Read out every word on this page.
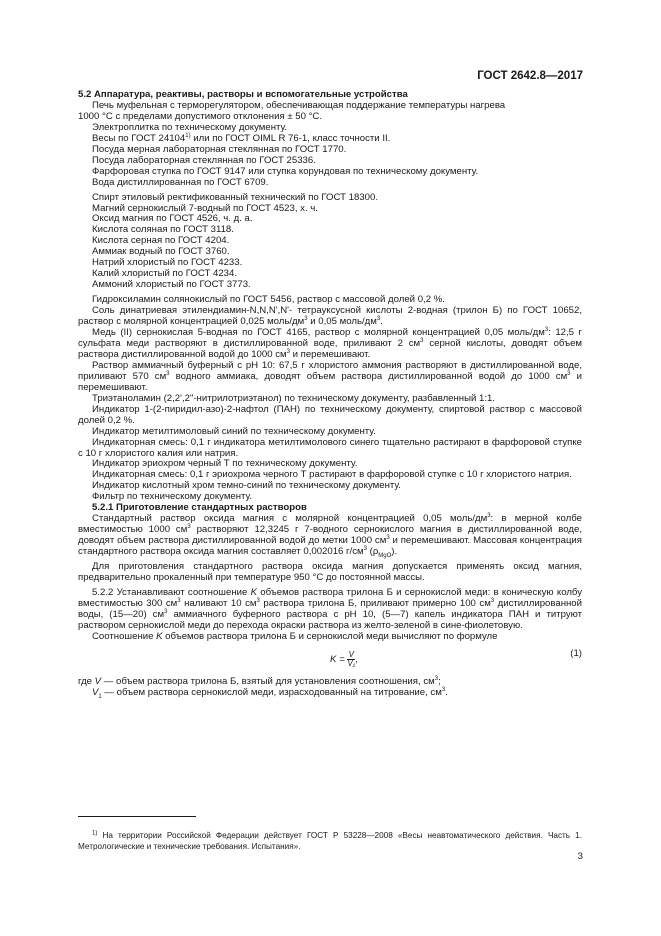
ГОСТ 2642.8—2017

5.2 Аппаратура, реактивы, растворы и вспомогательные устройства

Печь муфельная с терморегулятором, обеспечивающая поддержание температуры нагрева

1000 °С с пределами допустимого отклонения ± 50 °С.

Электроплитка по техническому документу.

Весы по ГОСТ 24104$^{1)}$ или по ГОСТ OIML R 76-1, класс точности II.

Посуда мерная лабораторная стеклянная по ГОСТ 1770.

Посуда лабораторная стеклянная по ГОСТ 25336.

Фарфоровая ступка по ГОСТ 9147 или ступка корундовая по техническому документу.

Вода дистиллированная по ГОСТ 6709.

Спирт этиловый ректификованный технический по ГОСТ 18300.

Магний сернокислый 7-водный по ГОСТ 4523, х. ч.

Оксид магния по ГОСТ 4526, ч. д. а.

Кислота соляная по ГОСТ 3118.

Кислота серная по ГОСТ 4204.

Аммиак водный по ГОСТ 3760.

Натрий хлористый по ГОСТ 4233.

Калий хлористый по ГОСТ 4234.

Аммоний хлористый по ГОСТ 3773.

Гидроксиламин солянокислый по ГОСТ 5456, раствор с массовой долей 0,2 %.

Соль динатриевая этилендиамин-N,N,N',N'- тетрауксусной кислоты 2-водная (трилон Б) по ГОСТ 10652, раствор с молярной концентрацией 0,025 моль/$дм^3$ и 0,05 моль/$дм^3$.

Медь (II) сернокислая 5-водная по ГОСТ 4165, раствор с молярной концентрацией 0,05 моль/$дм^3$: 12,5 г сульфата меди растворяют в дистиллированной воде, приливают 2 $см^3$ серной кислоты, доводят объем раствора дистиллированной водой до 1000 $см^3$ и перемешивают.

Раствор аммиачный буферный с рН 10: 67,5 г хлористого аммония растворяют в дистиллированной воде, приливают 570 $см^3$ водного аммиака, доводят объем раствора дистиллированной водой до 1000 $см^3$ и перемешивают.

Триэтаноламин (2,2',2"-нитрилотриэтанол) по техническому документу, разбавленный 1:1.

Индикатор 1-(2-пиридил-азо)-2-нафтол (ПАН) по техническому документу, спиртовой раствор с массовой долей 0,2 %.

Индикатор метилтимоловый синий по техническому документу.

Индикаторная смесь: 0,1 г индикатора метилтимолового синего тщательно растирают в фарфоровой ступке с 10 г хлористого калия или натрия.

Индикатор эриохром черный Т по техническому документу.

Индикаторная смесь: 0,1 г эриохрома черного Т растирают в фарфоровой ступке с 10 г хлористого натрия.

Индикатор кислотный хром темно-синий по техническому документу.

Фильтр по техническому документу.

5.2.1 Приготовление стандартных растворов

Стандартный раствор оксида магния с молярной концентрацией 0,05 моль/$дм^3$: в мерной колбе вместимостью 1000 $см^3$ растворяют 12,3245 г 7-водного сернокислого магния в дистиллированной воде, доводят объем раствора дистиллированной водой до метки 1000 $см^3$ и перемешивают. Массовая концентрация стандартного раствора оксида магния составляет 0,002016 $г/см^3$ $(\rho_{MgO})$.

Для приготовления стандартного раствора оксида магния допускается применять оксид магния, предварительно прокаленный при температуре 950 °С до постоянной массы.

5.2.2 Устанавливают соотношение K объемов раствора трилона Б и сернокислой меди: в коническую колбу вместимостью 300 $см^3$ наливают 10 $см^3$ раствора трилона Б, приливают примерно 100 $см^3$ дистиллированной воды, (15—20) $см^3$ аммиачного буферного раствора с рН 10, (5—7) капель индикатора ПАН и титруют раствором сернокислой меди до перехода окраски раствора из желто-зеленой в сине-фиолетовую.

Соотношение K объемов раствора трилона Б и сернокислой меди вычисляют по формуле

$K = \frac{V}{\text{V₁}}$ ,
(1)

где V — объем раствора трилона Б, взятый для установления соотношения, $см^3$;

$V_1$ — объем раствора сернокислой меди, израсходованный на титрование, $см^3$.

$^{1)}$ На территории Российской Федерации действует ГОСТ Р 53228—2008 «Весы неавтоматического действия. Часть 1. Метрологические и технические требования. Испытания».

3
